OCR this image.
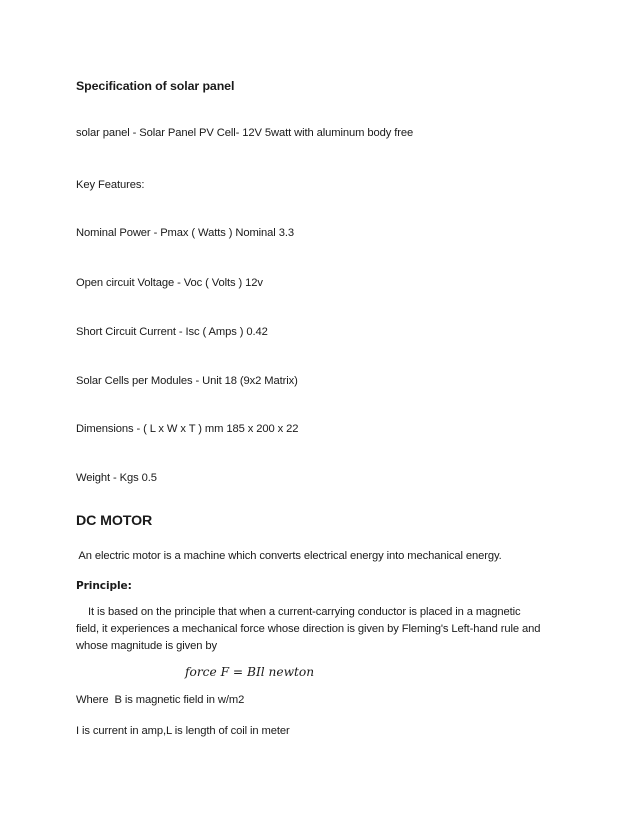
Specification of solar panel
solar panel - Solar Panel PV Cell- 12V 5watt with aluminum body free
Key Features:
Nominal Power - Pmax ( Watts ) Nominal 3.3
Open circuit Voltage - Voc ( Volts ) 12v
Short Circuit Current - Isc ( Amps ) 0.42
Solar Cells per Modules - Unit 18 (9x2 Matrix)
Dimensions - ( L x W x T ) mm 185 x 200 x 22
Weight - Kgs 0.5
DC MOTOR
An electric motor is a machine which converts electrical energy into mechanical energy.
Principle:
It is based on the principle that when a current-carrying conductor is placed in a magnetic
field, it experiences a mechanical force whose direction is given by Fleming's Left-hand rule and
whose magnitude is given by
force F = BIl newton
Where  B is magnetic field in w/m2
I is current in amp,L is length of coil in meter
